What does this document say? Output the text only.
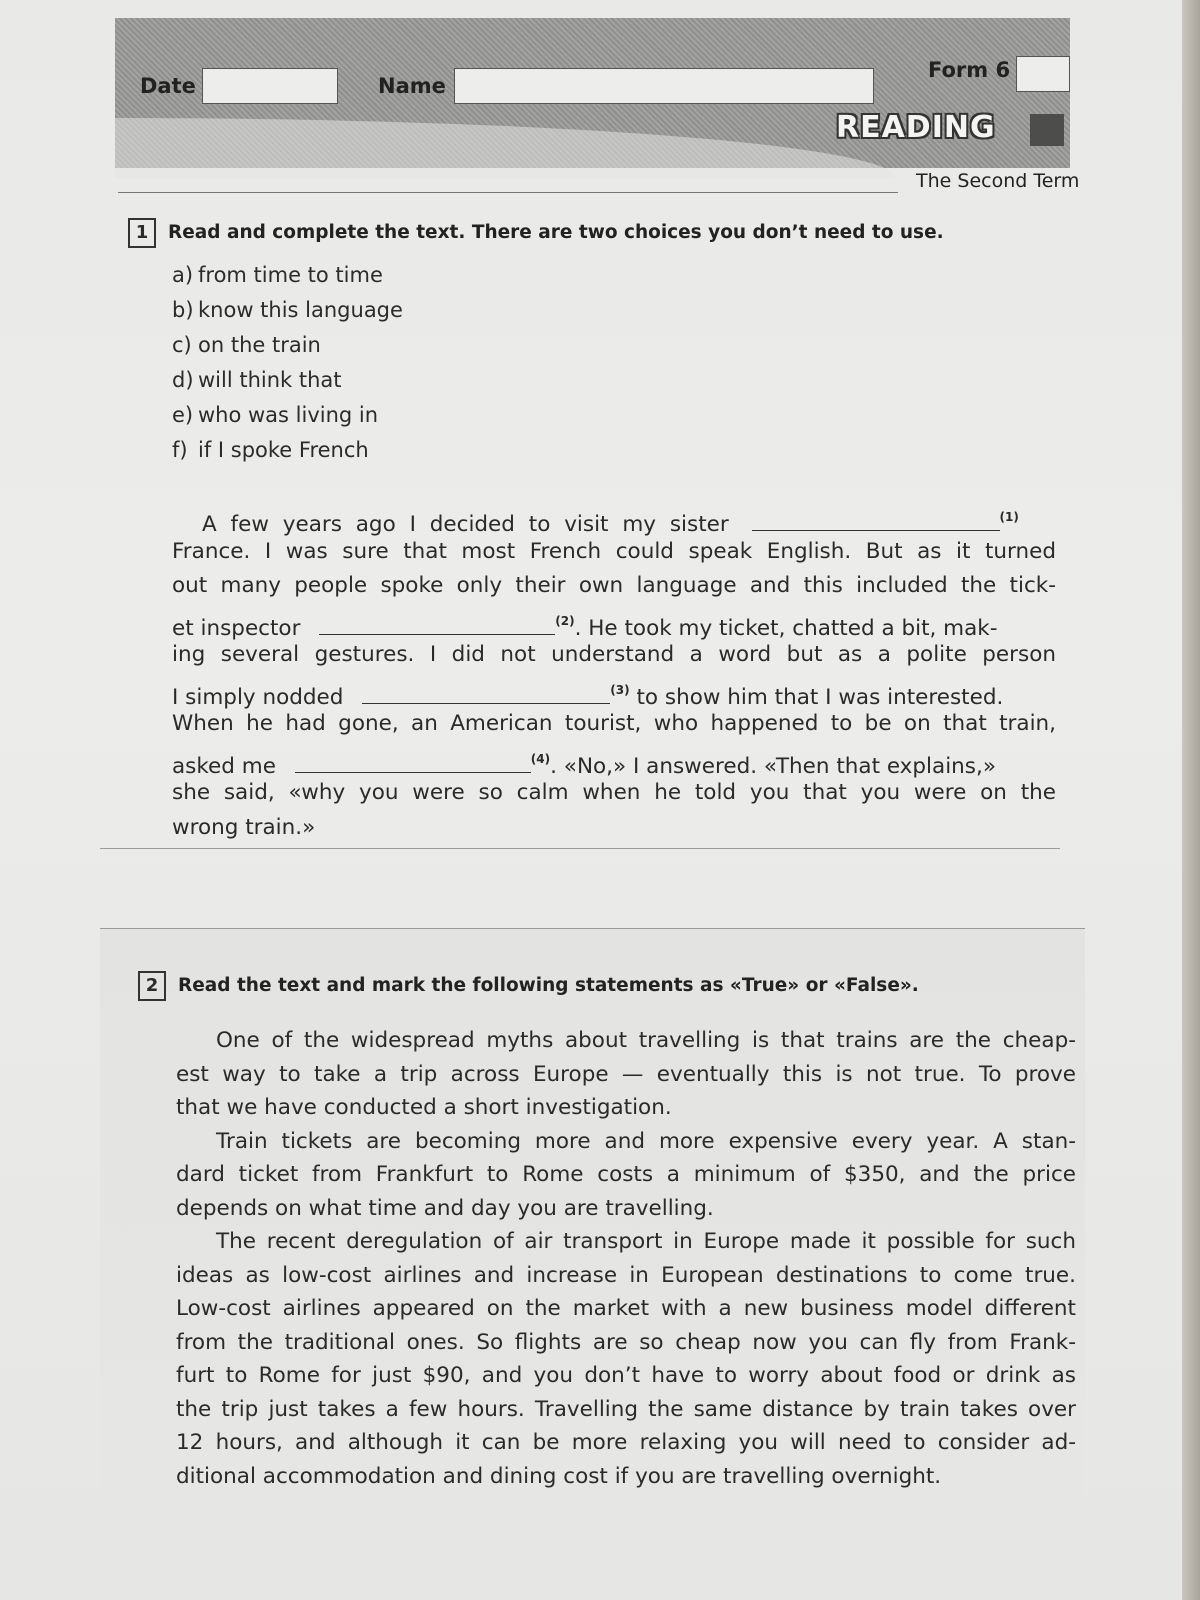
Date	Name
Form 6
READING
The Second Term
1	Read and complete the text. There are two choices you don’t need to use.
a) from time to time
b) know this language
c) on the train
d) will think that
e) who was living in
f) if I spoke French
A few years ago I decided to visit my sister	$^{(1)}$
France. I was sure that most French could speak English. But as it turned
out many people spoke only their own language and this included the tick-
et inspector	$^{(2)}$. He took my ticket, chatted a bit, mak-
ing several gestures. I did not understand a word but as a polite person
I simply nodded	$^{(3)}$ to show him that I was interested.
When he had gone, an American tourist, who happened to be on that train,
asked me	$^{(4)}$. «No,» I answered. «Then that explains,»
she said, «why you were so calm when he told you that you were on the
wrong train.»
2	Read the text and mark the following statements as «True» or «False».
One of the widespread myths about travelling is that trains are the cheap-
est way to take a trip across Europe — eventually this is not true. To prove
that we have conducted a short investigation.
Train tickets are becoming more and more expensive every year. A stan-
dard ticket from Frankfurt to Rome costs a minimum of $350, and the price
depends on what time and day you are travelling.
The recent deregulation of air transport in Europe made it possible for such
ideas as low-cost airlines and increase in European destinations to come true.
Low-cost airlines appeared on the market with a new business model different
from the traditional ones. So flights are so cheap now you can fly from Frank-
furt to Rome for just $90, and you don’t have to worry about food or drink as
the trip just takes a few hours. Travelling the same distance by train takes over
12 hours, and although it can be more relaxing you will need to consider ad-
ditional accommodation and dining cost if you are travelling overnight.
